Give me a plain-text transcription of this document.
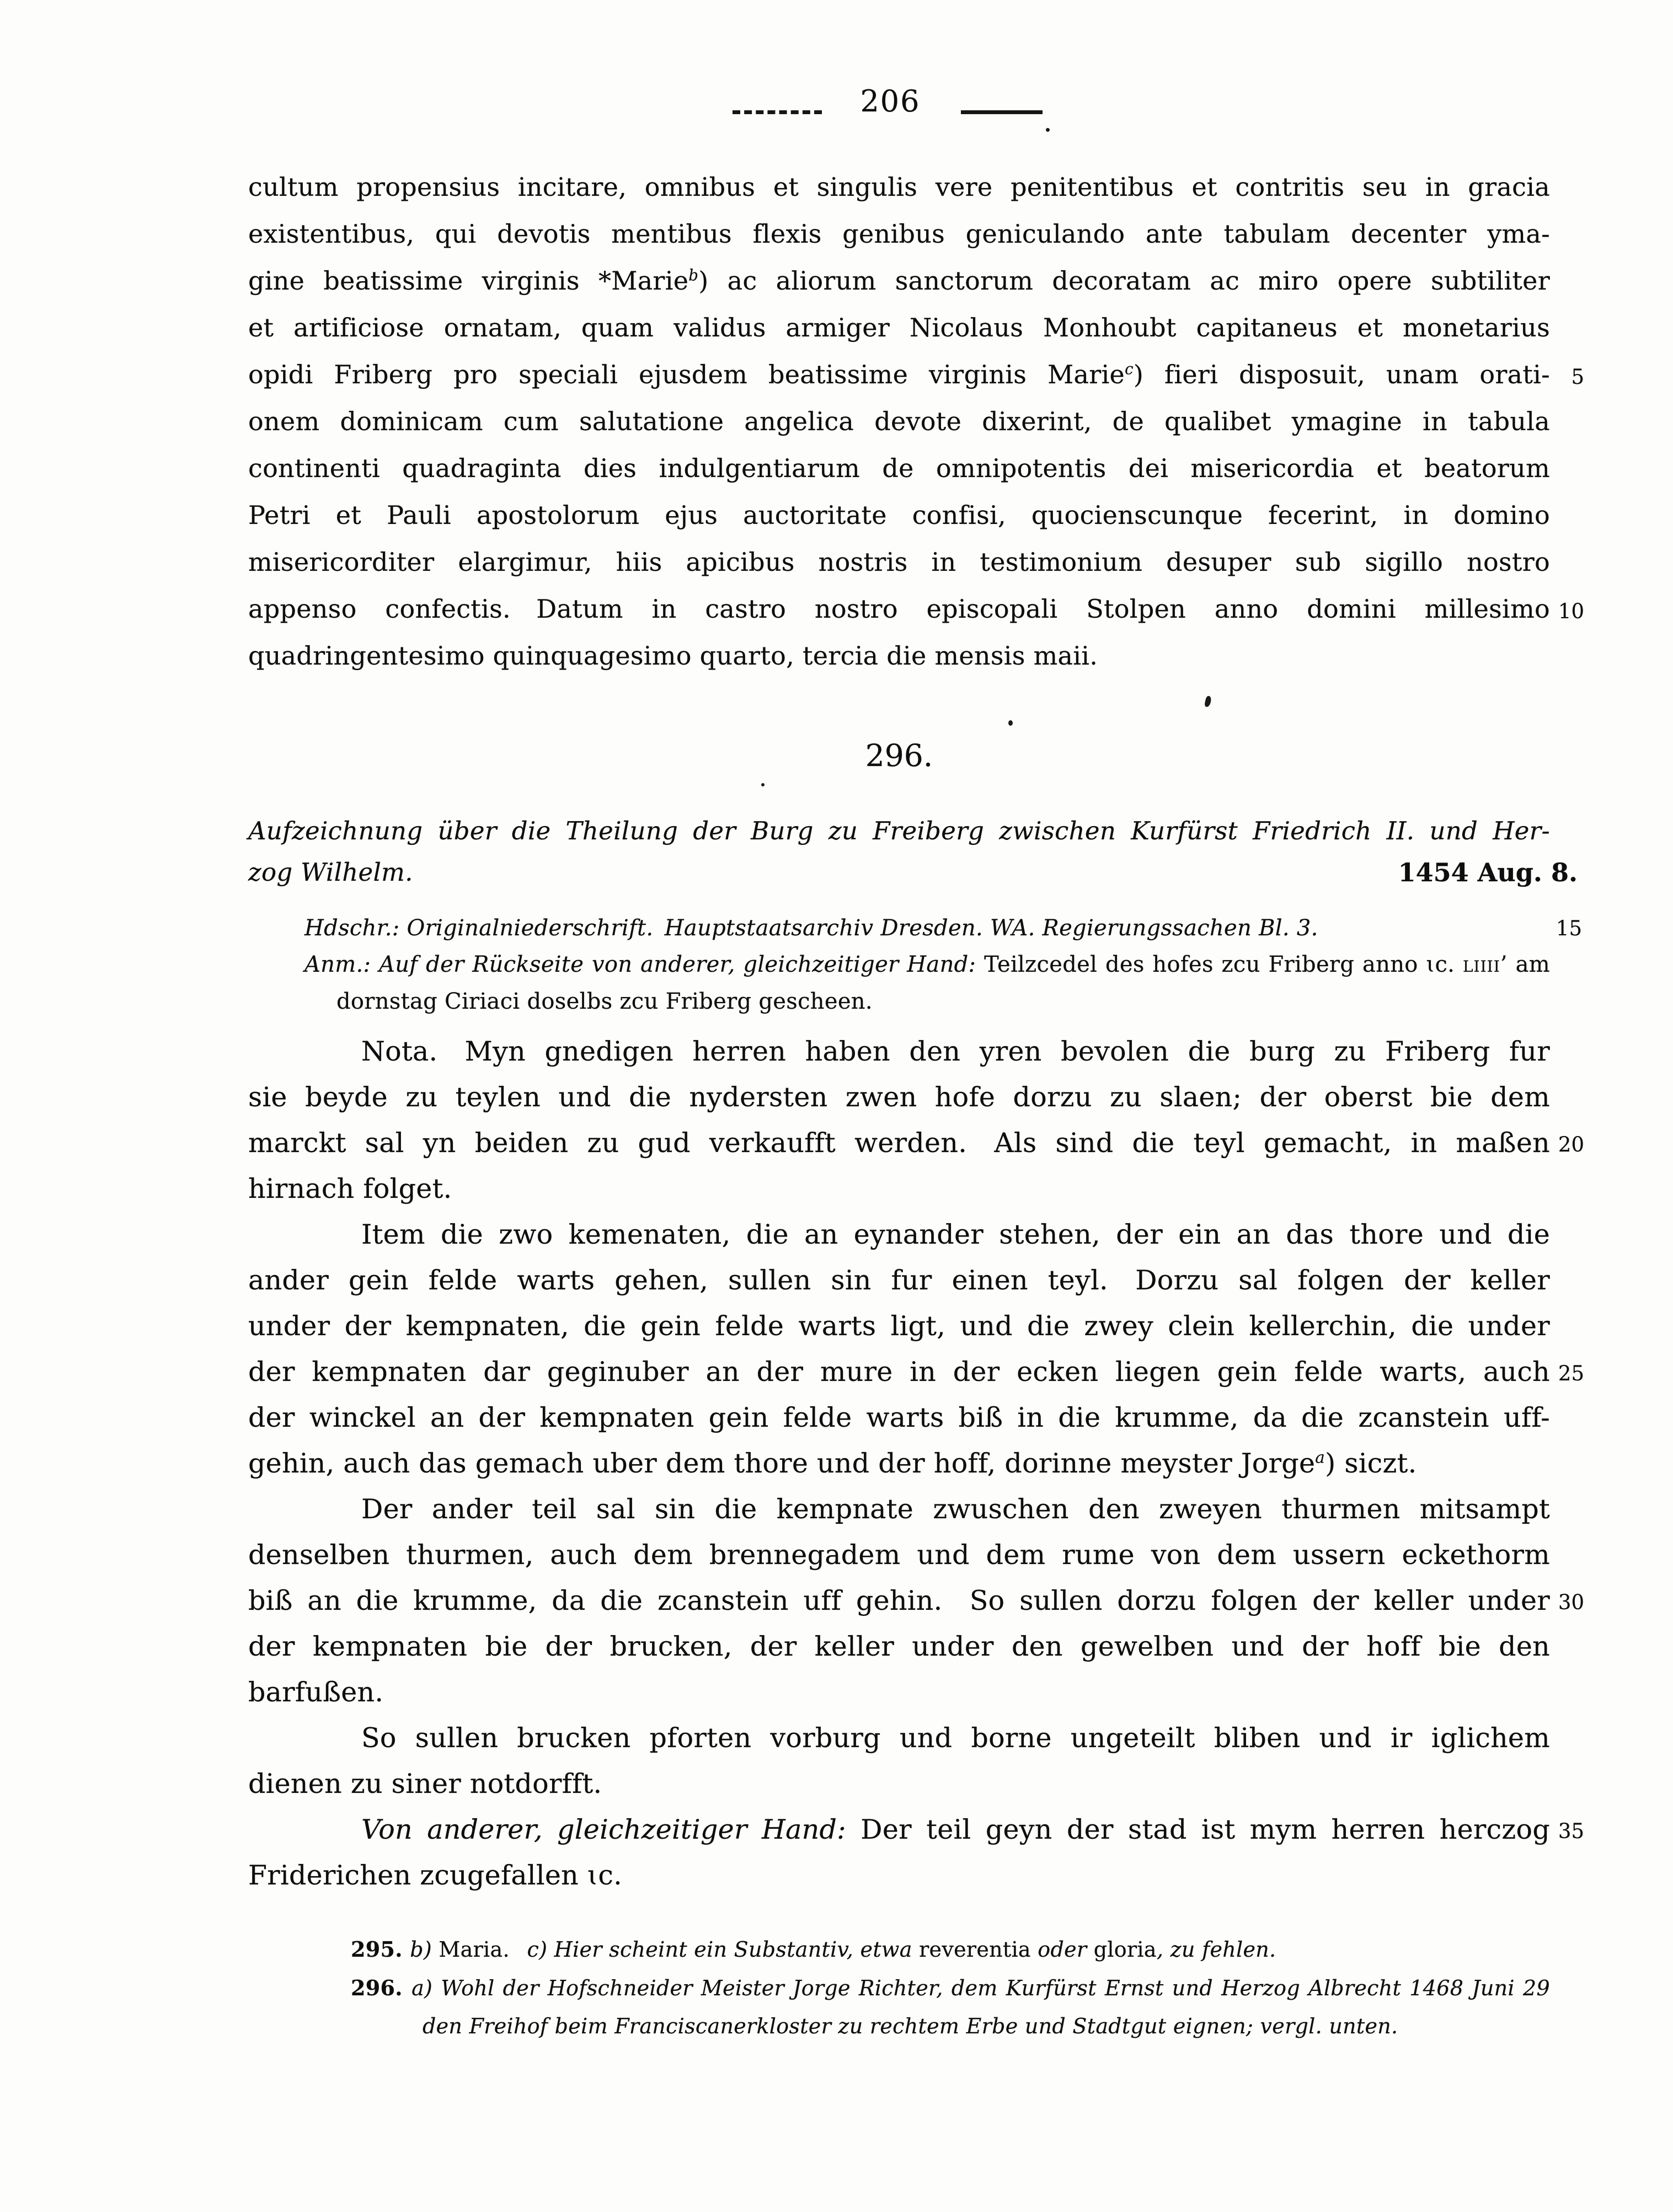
206
cultum propensius incitare, omnibus et singulis vere penitentibus et contritis seu in gracia
existentibus, qui devotis mentibus flexis genibus geniculando ante tabulam decenter yma-
gine beatissime virginis *Marie$^b$) ac aliorum sanctorum decoratam ac miro opere subtiliter
et artificiose ornatam, quam validus armiger Nicolaus Monhoubt capitaneus et monetarius
opidi Friberg pro speciali ejusdem beatissime virginis Marie$^c$) fieri disposuit, unam orati- 5
onem dominicam cum salutatione angelica devote dixerint, de qualibet ymagine in tabula
continenti quadraginta dies indulgentiarum de omnipotentis dei misericordia et beatorum
Petri et Pauli apostolorum ejus auctoritate confisi, quocienscunque fecerint, in domino
misericorditer elargimur, hiis apicibus nostris in testimonium desuper sub sigillo nostro
appenso confectis. Datum in castro nostro episcopali Stolpen anno domini millesimo 10
quadringentesimo quinquagesimo quarto, tercia die mensis maii.
296.
Aufzeichnung über die Theilung der Burg zu Freiberg zwischen Kurfürst Friedrich II. und Her-
zog Wilhelm.	1454 Aug. 8.
Hdschr.: Originalniederschrift. Hauptstaatsarchiv Dresden. WA. Regierungssachen Bl. 3.	15
Anm.: Auf der Rückseite von anderer, gleichzeitiger Hand: Teilzcedel des hofes zcu Friberg anno ɩc. liiii’ am
dornstag Ciriaci doselbs zcu Friberg gescheen.
Nota. Myn gnedigen herren haben den yren bevolen die burg zu Friberg fur
sie beyde zu teylen und die nydersten zwen hofe dorzu zu slaen; der oberst bie dem
marckt sal yn beiden zu gud verkaufft werden. Als sind die teyl gemacht, in maßen 20
hirnach folget.
Item die zwo kemenaten, die an eynander stehen, der ein an das thore und die
ander gein felde warts gehen, sullen sin fur einen teyl. Dorzu sal folgen der keller
under der kempnaten, die gein felde warts ligt, und die zwey clein kellerchin, die under
der kempnaten dar geginuber an der mure in der ecken liegen gein felde warts, auch 25
der winckel an der kempnaten gein felde warts biß in die krumme, da die zcanstein uff-
gehin, auch das gemach uber dem thore und der hoff, dorinne meyster Jorge$^a$) siczt.
Der ander teil sal sin die kempnate zwuschen den zweyen thurmen mitsampt
denselben thurmen, auch dem brennegadem und dem rume von dem ussern eckethorm
biß an die krumme, da die zcanstein uff gehin. So sullen dorzu folgen der keller under 30
der kempnaten bie der brucken, der keller under den gewelben und der hoff bie den
barfußen.
So sullen brucken pforten vorburg und borne ungeteilt bliben und ir iglichem
dienen zu siner notdorfft.
Von anderer, gleichzeitiger Hand: Der teil geyn der stad ist mym herren herczog 35
Friderichen zcugefallen ɩc.
295. b) Maria.  c) Hier scheint ein Substantiv, etwa reverentia oder gloria, zu fehlen.
296. a) Wohl der Hofschneider Meister Jorge Richter, dem Kurfürst Ernst und Herzog Albrecht 1468 Juni 29
den Freihof beim Franciscanerkloster zu rechtem Erbe und Stadtgut eignen; vergl. unten.
